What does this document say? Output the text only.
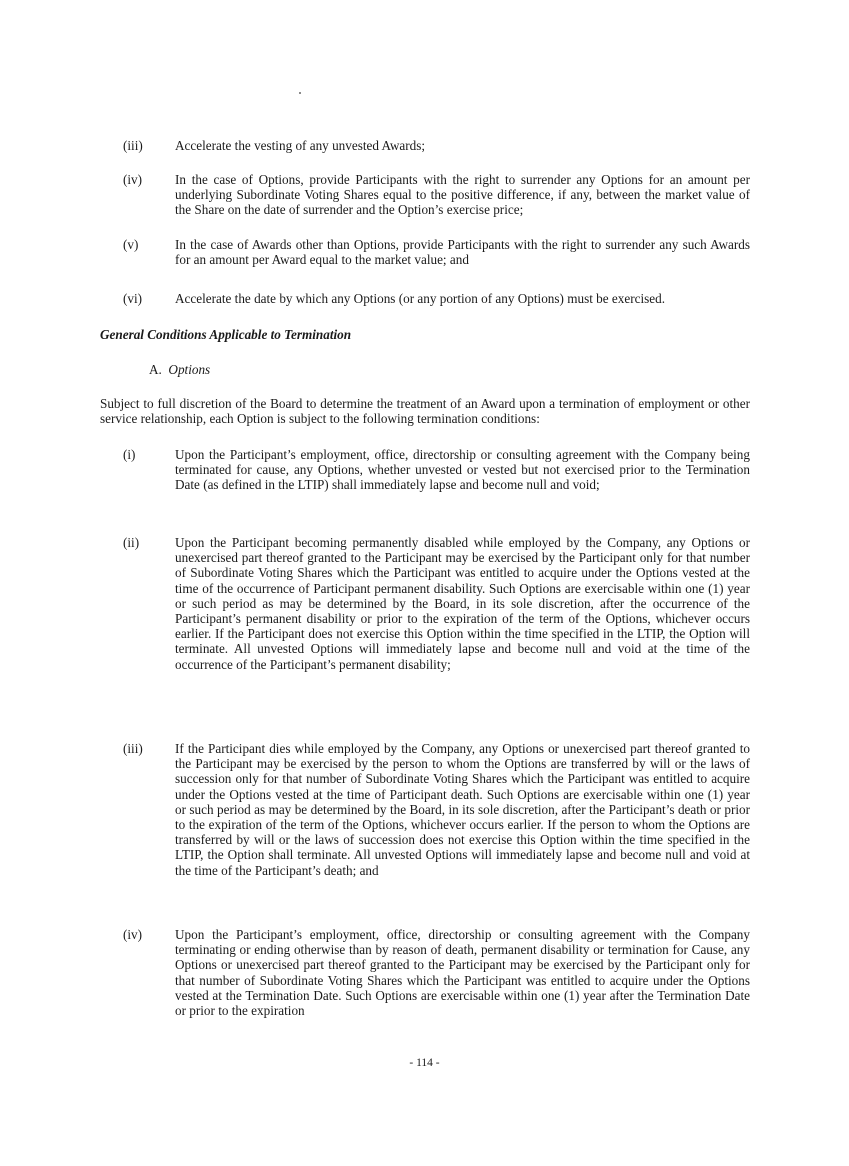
(iii) Accelerate the vesting of any unvested Awards;
(iv) In the case of Options, provide Participants with the right to surrender any Options for an amount per underlying Subordinate Voting Shares equal to the positive difference, if any, between the market value of the Share on the date of surrender and the Option’s exercise price;
(v)	In the case of Awards other than Options, provide Participants with the right to surrender any such Awards for an amount per Award equal to the market value; and
(vi) Accelerate the date by which any Options (or any portion of any Options) must be exercised.
General Conditions Applicable to Termination
A. Options
Subject to full discretion of the Board to determine the treatment of an Award upon a termination of employment or other service relationship, each Option is subject to the following termination conditions:
(i)	Upon the Participant’s employment, office, directorship or consulting agreement with the Company being terminated for cause, any Options, whether unvested or vested but not exercised prior to the Termination Date (as defined in the LTIP) shall immediately lapse and become null and void;
(ii)	Upon the Participant becoming permanently disabled while employed by the Company, any Options or unexercised part thereof granted to the Participant may be exercised by the Participant only for that number of Subordinate Voting Shares which the Participant was entitled to acquire under the Options vested at the time of the occurrence of Participant permanent disability. Such Options are exercisable within one (1) year or such period as may be determined by the Board, in its sole discretion, after the occurrence of the Participant’s permanent disability or prior to the expiration of the term of the Options, whichever occurs earlier. If the Participant does not exercise this Option within the time specified in the LTIP, the Option will terminate. All unvested Options will immediately lapse and become null and void at the time of the occurrence of the Participant’s permanent disability;
(iii) If the Participant dies while employed by the Company, any Options or unexercised part thereof granted to the Participant may be exercised by the person to whom the Options are transferred by will or the laws of succession only for that number of Subordinate Voting Shares which the Participant was entitled to acquire under the Options vested at the time of Participant death. Such Options are exercisable within one (1) year or such period as may be determined by the Board, in its sole discretion, after the Participant’s death or prior to the expiration of the term of the Options, whichever occurs earlier. If the person to whom the Options are transferred by will or the laws of succession does not exercise this Option within the time specified in the LTIP, the Option shall terminate. All unvested Options will immediately lapse and become null and void at the time of the Participant’s death; and
(iv) Upon the Participant’s employment, office, directorship or consulting agreement with the Company terminating or ending otherwise than by reason of death, permanent disability or termination for Cause, any Options or unexercised part thereof granted to the Participant may be exercised by the Participant only for that number of Subordinate Voting Shares which the Participant was entitled to acquire under the Options vested at the Termination Date. Such Options are exercisable within one (1) year after the Termination Date or prior to the expiration
- 114 -
